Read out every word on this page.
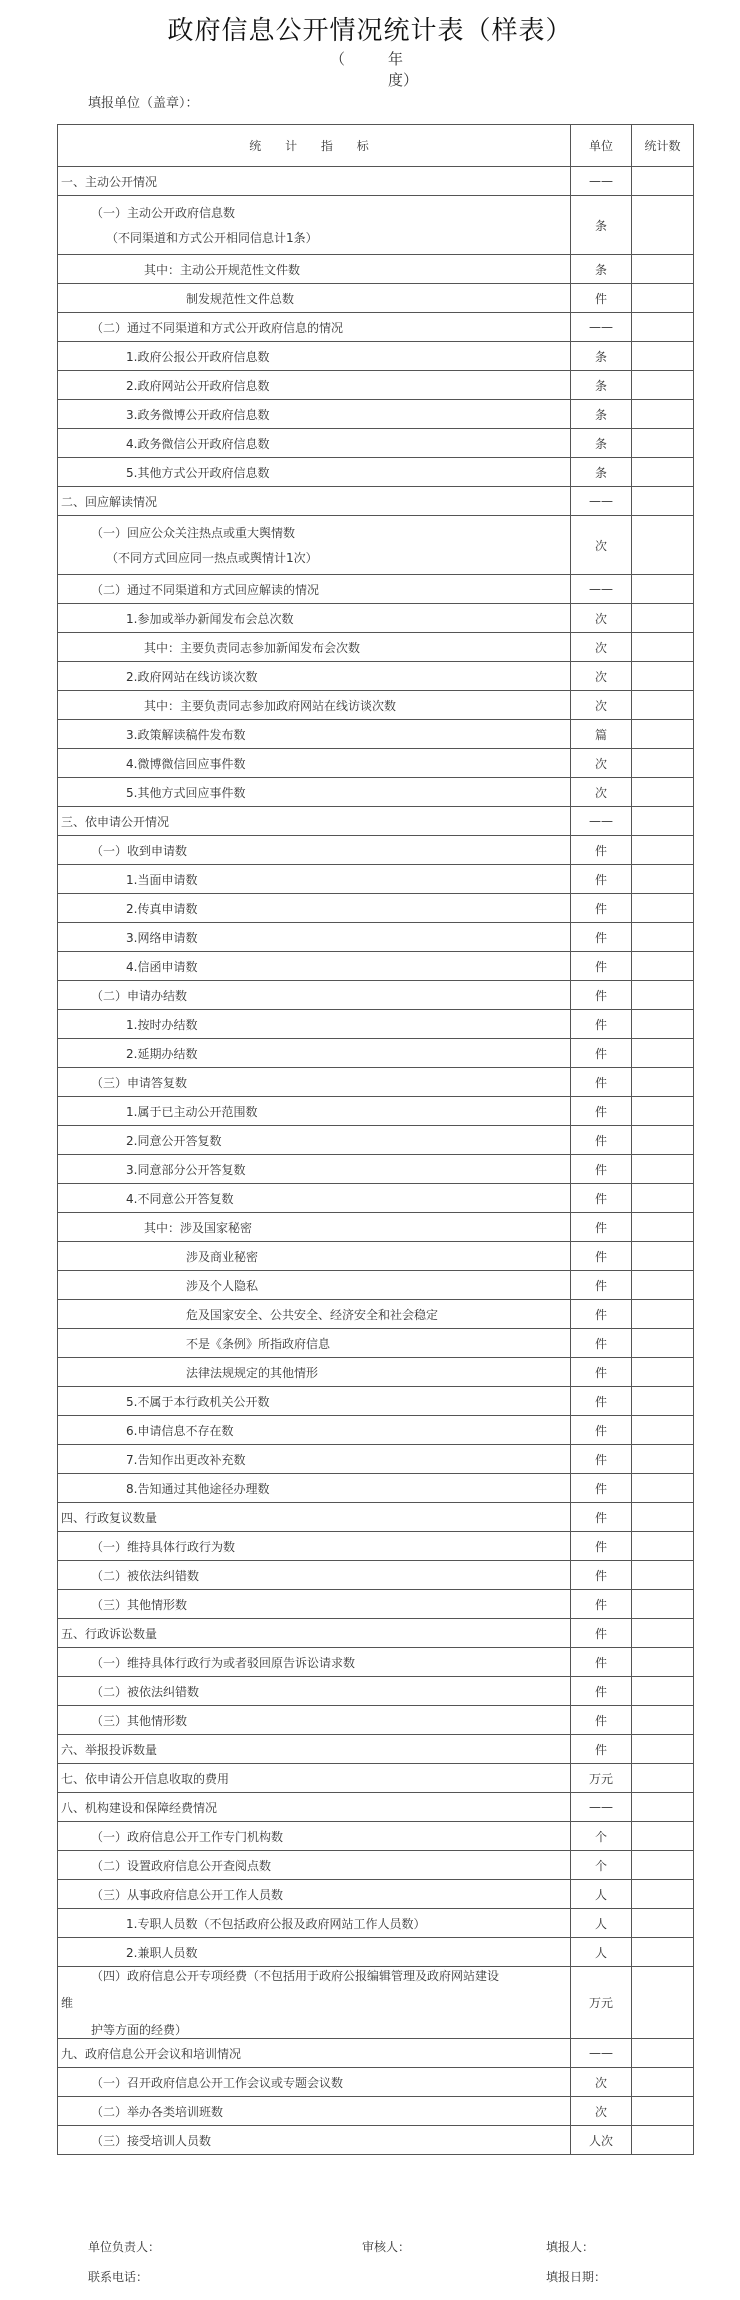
政府信息公开情况统计表（样表）
（	年度）
填报单位（盖章）：
统 计 指 标	单位	统计数

一、主动公开情况	——	

（一）主动公开政府信息数
（不同渠道和方式公开相同信息计1条）	条	

其中：主动公开规范性文件数	条	

制发规范性文件总数	件	

（二）通过不同渠道和方式公开政府信息的情况	——	

1.政府公报公开政府信息数	条	

2.政府网站公开政府信息数	条	

3.政务微博公开政府信息数	条	

4.政务微信公开政府信息数	条	

5.其他方式公开政府信息数	条	

二、回应解读情况	——	

（一）回应公众关注热点或重大舆情数
（不同方式回应同一热点或舆情计1次）	次	

（二）通过不同渠道和方式回应解读的情况	——	

1.参加或举办新闻发布会总次数	次	

其中：主要负责同志参加新闻发布会次数	次	

2.政府网站在线访谈次数	次	

其中：主要负责同志参加政府网站在线访谈次数	次	

3.政策解读稿件发布数	篇	

4.微博微信回应事件数	次	

5.其他方式回应事件数	次	

三、依申请公开情况	——	

（一）收到申请数	件	

1.当面申请数	件	

2.传真申请数	件	

3.网络申请数	件	

4.信函申请数	件	

（二）申请办结数	件	

1.按时办结数	件	

2.延期办结数	件	

（三）申请答复数	件	

1.属于已主动公开范围数	件	

2.同意公开答复数	件	

3.同意部分公开答复数	件	

4.不同意公开答复数	件	

其中：涉及国家秘密	件	

涉及商业秘密	件	

涉及个人隐私	件	

危及国家安全、公共安全、经济安全和社会稳定	件	

不是《条例》所指政府信息	件	

法律法规规定的其他情形	件	

5.不属于本行政机关公开数	件	

6.申请信息不存在数	件	

7.告知作出更改补充数	件	

8.告知通过其他途径办理数	件	

四、行政复议数量	件	

（一）维持具体行政行为数	件	

（二）被依法纠错数	件	

（三）其他情形数	件	

五、行政诉讼数量	件	

（一）维持具体行政行为或者驳回原告诉讼请求数	件	

（二）被依法纠错数	件	

（三）其他情形数	件	

六、举报投诉数量	件	

七、依申请公开信息收取的费用	万元	

八、机构建设和保障经费情况	——	

（一）政府信息公开工作专门机构数	个	

（二）设置政府信息公开查阅点数	个	

（三）从事政府信息公开工作人员数	人	

1.专职人员数（不包括政府公报及政府网站工作人员数）	人	

2.兼职人员数	人	

（四）政府信息公开专项经费（不包括用于政府公报编辑管理及政府网站建设
维
护等方面的经费）	万元	

九、政府信息公开会议和培训情况	——	

（一）召开政府信息公开工作会议或专题会议数	次	

（二）举办各类培训班数	次	

（三）接受培训人员数	人次	
单位负责人：	审核人：	填报人：
联系电话：	填报日期：
